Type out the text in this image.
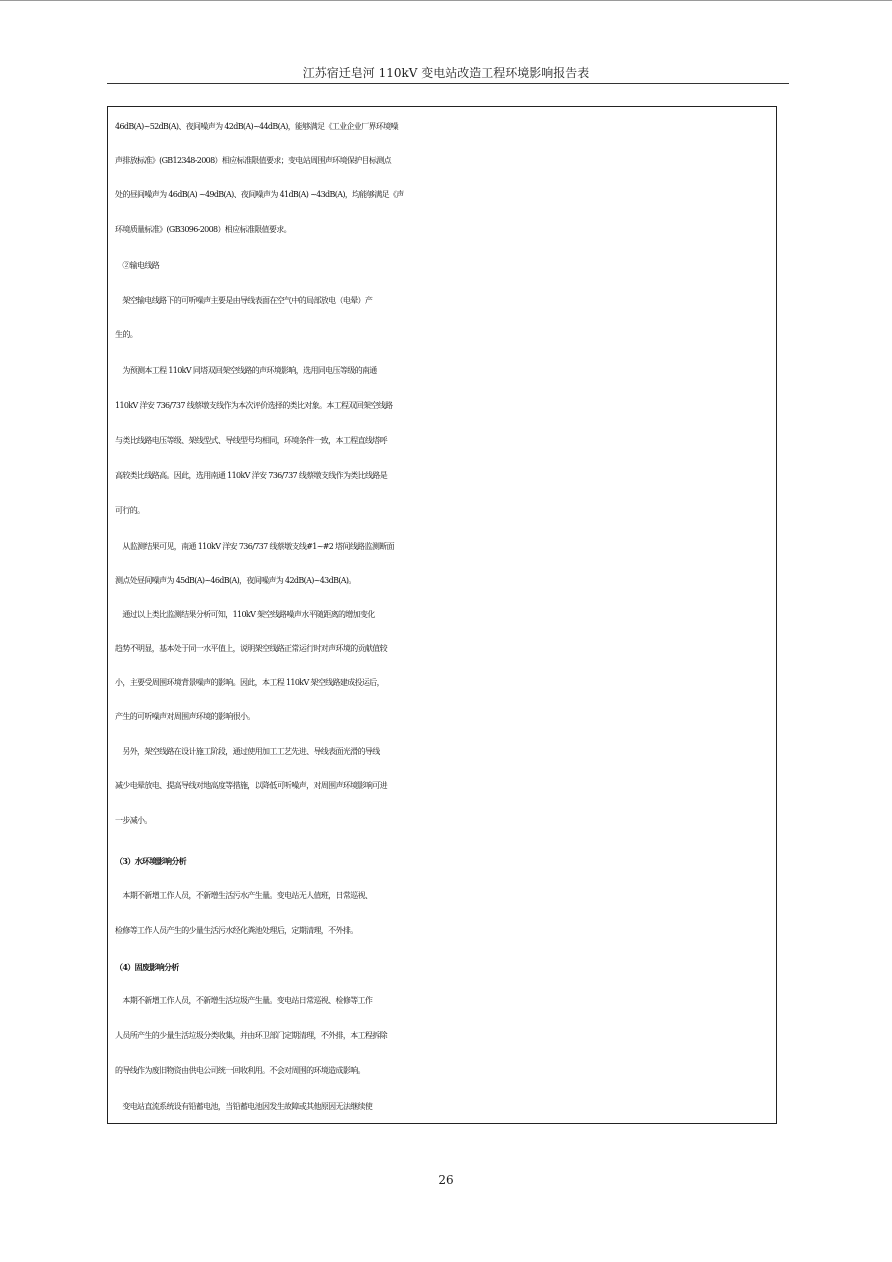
江苏宿迁皂河 110kV 变电站改造工程环境影响报告表
46dB(A)~52dB(A)、夜间噪声为 42dB(A)~44dB(A)，能够满足《工业企业厂界环境噪
声排放标准》(GB12348-2008）相应标准限值要求；变电站周围声环境保护目标测点
处的昼间噪声为 46dB(A) ~49dB(A)、夜间噪声为 41dB(A) ~43dB(A)，均能够满足《声
环境质量标准》(GB3096-2008）相应标准限值要求。
　②输电线路
　架空输电线路下的可听噪声主要是由导线表面在空气中的局部放电（电晕）产
生的。
　为预测本工程 110kV 同塔双回架空线路的声环境影响，选用同电压等级的南通
110kV 洋安 736/737 线蔡墩支线作为本次评价选择的类比对象。本工程双回架空线路
与类比线路电压等级、架线型式、导线型号均相同，环境条件一致，本工程直线塔呼
高较类比线路高。因此，选用南通 110kV 洋安 736/737 线蔡墩支线作为类比线路是
可行的。
　从监测结果可见，南通 110kV 洋安 736/737 线蔡墩支线#1~#2 塔间线路监测断面
测点处昼间噪声为 45dB(A)~46dB(A)，夜间噪声为 42dB(A)~43dB(A)。
　通过以上类比监测结果分析可知，110kV 架空线路噪声水平随距离的增加变化
趋势不明显，基本处于同一水平值上，说明架空线路正常运行时对声环境的贡献值较
小，主要受周围环境背景噪声的影响。因此，本工程 110kV 架空线路建成投运后，
产生的可听噪声对周围声环境的影响很小。
　另外，架空线路在设计施工阶段，通过使用加工工艺先进、导线表面光滑的导线
减少电晕放电、提高导线对地高度等措施，以降低可听噪声，对周围声环境影响可进
一步减小。
（3）水环境影响分析
　本期不新增工作人员，不新增生活污水产生量。变电站无人值班，日常巡视、
检修等工作人员产生的少量生活污水经化粪池处理后，定期清理，不外排。
（4）固废影响分析
　本期不新增工作人员，不新增生活垃圾产生量。变电站日常巡视、检修等工作
人员所产生的少量生活垃圾分类收集，并由环卫部门定期清理，不外排，本工程拆除
的导线作为废旧物资由供电公司统一回收利用。不会对周围的环境造成影响。
　变电站直流系统设有铅蓄电池，当铅蓄电池因发生故障或其他原因无法继续使
26
